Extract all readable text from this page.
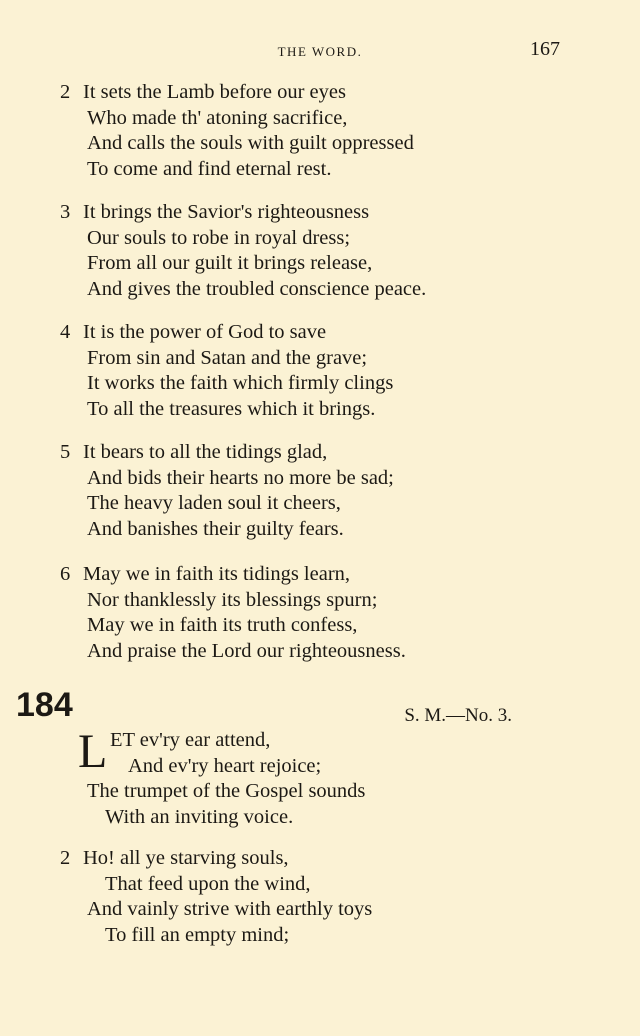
THE WORD.	167
2 It sets the Lamb before our eyes
Who made th' atoning sacrifice,
And calls the souls with guilt oppressed
To come and find eternal rest.
3 It brings the Savior's righteousness
Our souls to robe in royal dress;
From all our guilt it brings release,
And gives the troubled conscience peace.
4 It is the power of God to save
From sin and Satan and the grave;
It works the faith which firmly clings
To all the treasures which it brings.
5 It bears to all the tidings glad,
And bids their hearts no more be sad;
The heavy laden soul it cheers,
And banishes their guilty fears.
6 May we in faith its tidings learn,
Nor thanklessly its blessings spurn;
May we in faith its truth confess,
And praise the Lord our righteousness.
184	S. M.—No. 3.
L ET ev'ry ear attend,
And ev'ry heart rejoice;
The trumpet of the Gospel sounds
With an inviting voice.
2 Ho! all ye starving souls,
That feed upon the wind,
And vainly strive with earthly toys
To fill an empty mind;
